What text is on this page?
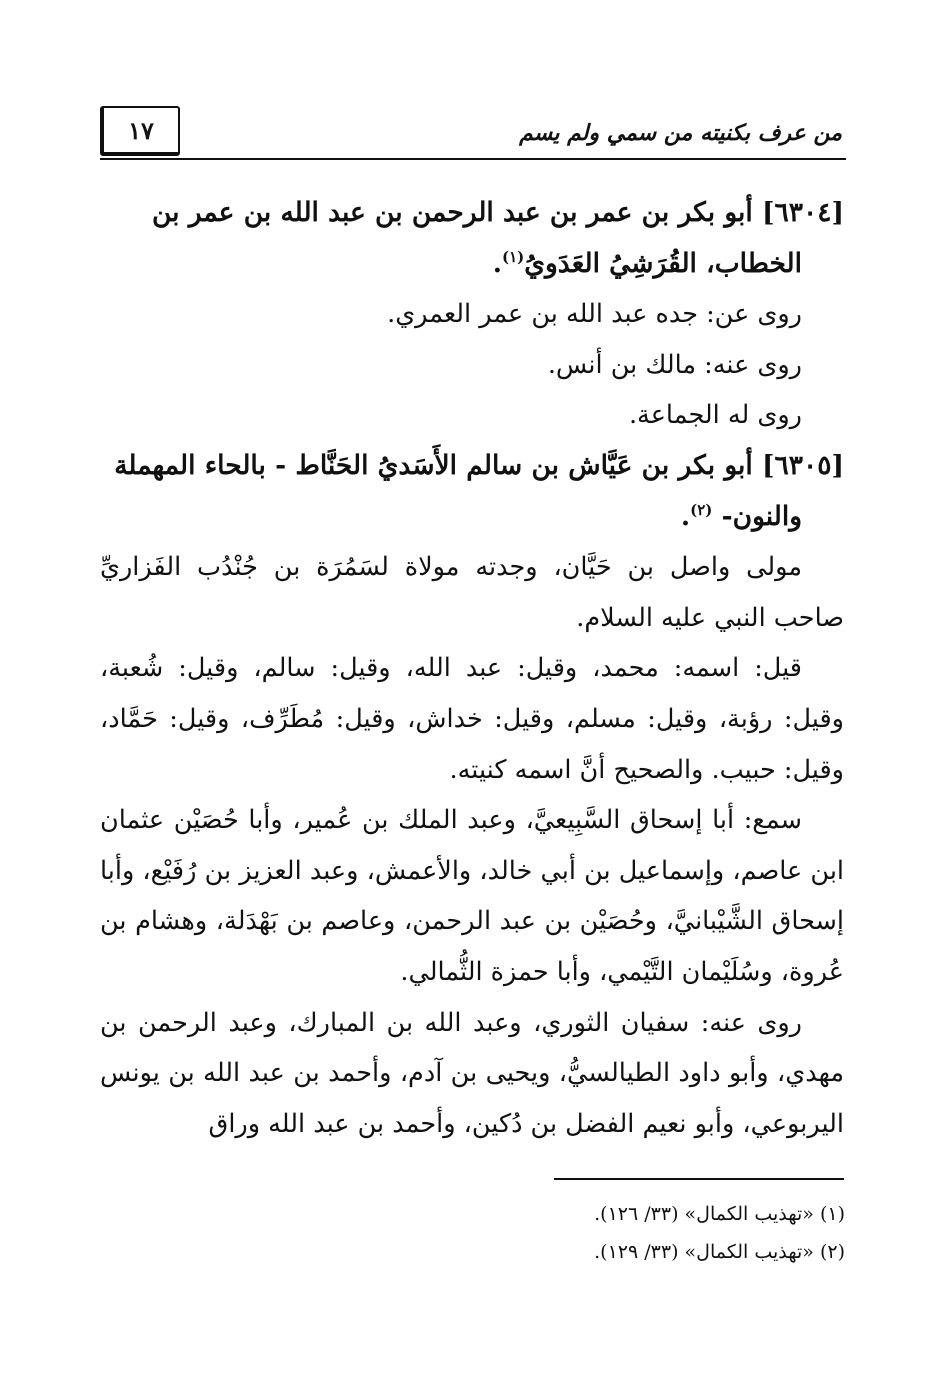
من عرف بكنيته من سمي ولم يسم
١٧

[٦٣٠٤] أبو بكر بن عمر بن عبد الرحمن بن عبد الله بن عمر بن

الخطاب، القُرَشِيُ العَدَويُ$^{(١)}$.

روى عن: جده عبد الله بن عمر العمري.

روى عنه: مالك بن أنس.

روى له الجماعة.

[٦٣٠٥] أبو بكر بن عَيَّاش بن سالم الأَسَديُ الحَنَّاط - بالحاء المهملة

والنون- $^{(٢)}$.

مولى واصل بن حَيَّان، وجدته مولاة لسَمُرَة بن جُنْدُب الفَزاريِّ صاحب النبي عليه السلام.

قيل: اسمه: محمد، وقيل: عبد الله، وقيل: سالم، وقيل: شُعبة، وقيل: رؤبة، وقيل: مسلم، وقيل: خداش، وقيل: مُطَرِّف، وقيل: حَمَّاد، وقيل: حبيب. والصحيح أنَّ اسمه كنيته.

سمع: أبا إسحاق السَّبِيعيَّ، وعبد الملك بن عُمير، وأبا حُصَيْن عثمان ابن عاصم، وإسماعيل بن أبي خالد، والأعمش، وعبد العزيز بن رُفَيْع، وأبا إسحاق الشَّيْبانيَّ، وحُصَيْن بن عبد الرحمن، وعاصم بن بَهْدَلة، وهشام بن عُروة، وسُلَيْمان التَّيْمي، وأبا حمزة الثُّمالي.

روى عنه: سفيان الثوري، وعبد الله بن المبارك، وعبد الرحمن بن مهدي، وأبو داود الطيالسيُّ، ويحيى بن آدم، وأحمد بن عبد الله بن يونس اليربوعي، وأبو نعيم الفضل بن دُكين، وأحمد بن عبد الله وراق

(١) «تهذيب الكمال» (٣٣/ ١٢٦).

(٢) «تهذيب الكمال» (٣٣/ ١٢٩).
